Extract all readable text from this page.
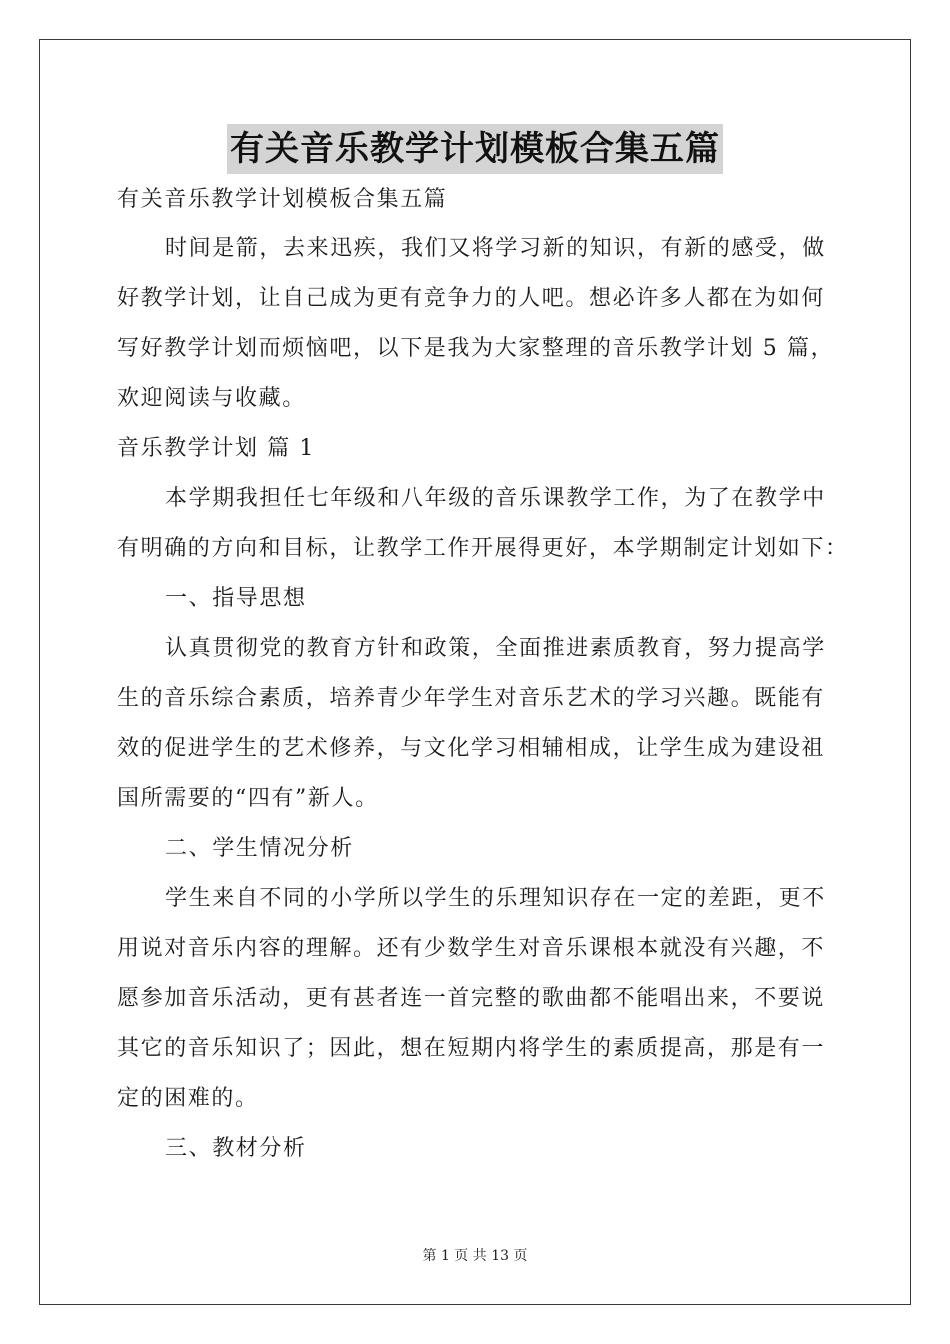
有关音乐教学计划模板合集五篇
有关音乐教学计划模板合集五篇
时间是箭，去来迅疾，我们又将学习新的知识，有新的感受，做
好教学计划，让自己成为更有竞争力的人吧。想必许多人都在为如何
写好教学计划而烦恼吧，以下是我为大家整理的音乐教学计划 5 篇，
欢迎阅读与收藏。
音乐教学计划 篇 1
本学期我担任七年级和八年级的音乐课教学工作，为了在教学中
有明确的方向和目标，让教学工作开展得更好，本学期制定计划如下：
一、指导思想
认真贯彻党的教育方针和政策，全面推进素质教育，努力提高学
生的音乐综合素质，培养青少年学生对音乐艺术的学习兴趣。既能有
效的促进学生的艺术修养，与文化学习相辅相成，让学生成为建设祖
国所需要的“四有”新人。
二、学生情况分析
学生来自不同的小学所以学生的乐理知识存在一定的差距，更不
用说对音乐内容的理解。还有少数学生对音乐课根本就没有兴趣，不
愿参加音乐活动，更有甚者连一首完整的歌曲都不能唱出来，不要说
其它的音乐知识了；因此，想在短期内将学生的素质提高，那是有一
定的困难的。
三、教材分析
第 1 页 共 13 页
